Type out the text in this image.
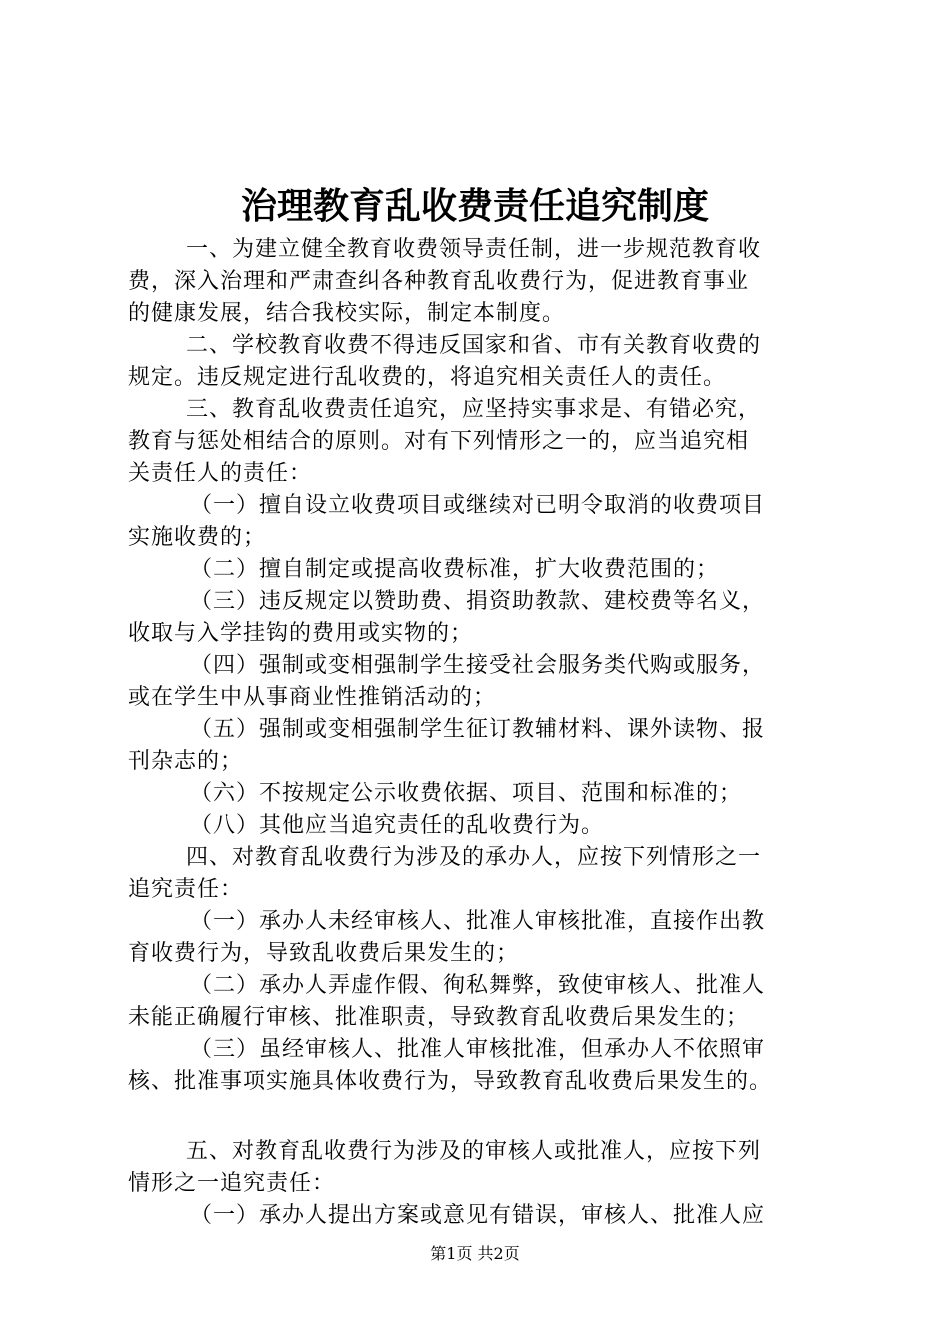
治理教育乱收费责任追究制度
一、为建立健全教育收费领导责任制，进一步规范教育收
费，深入治理和严肃查纠各种教育乱收费行为，促进教育事业
的健康发展，结合我校实际，制定本制度。
二、学校教育收费不得违反国家和省、市有关教育收费的
规定。违反规定进行乱收费的，将追究相关责任人的责任。
三、教育乱收费责任追究，应坚持实事求是、有错必究，
教育与惩处相结合的原则。对有下列情形之一的，应当追究相
关责任人的责任：
（一）擅自设立收费项目或继续对已明令取消的收费项目
实施收费的；
（二）擅自制定或提高收费标准，扩大收费范围的；
（三）违反规定以赞助费、捐资助教款、建校费等名义，
收取与入学挂钩的费用或实物的；
（四）强制或变相强制学生接受社会服务类代购或服务，
或在学生中从事商业性推销活动的；
（五）强制或变相强制学生征订教辅材料、课外读物、报
刊杂志的；
（六）不按规定公示收费依据、项目、范围和标准的；
（八）其他应当追究责任的乱收费行为。
四、对教育乱收费行为涉及的承办人，应按下列情形之一
追究责任：
（一）承办人未经审核人、批准人审核批准，直接作出教
育收费行为，导致乱收费后果发生的；
（二）承办人弄虚作假、徇私舞弊，致使审核人、批准人
未能正确履行审核、批准职责，导致教育乱收费后果发生的；
（三）虽经审核人、批准人审核批准，但承办人不依照审
核、批准事项实施具体收费行为，导致教育乱收费后果发生的。
五、对教育乱收费行为涉及的审核人或批准人，应按下列
情形之一追究责任：
（一）承办人提出方案或意见有错误，审核人、批准人应
第1页 共2页
